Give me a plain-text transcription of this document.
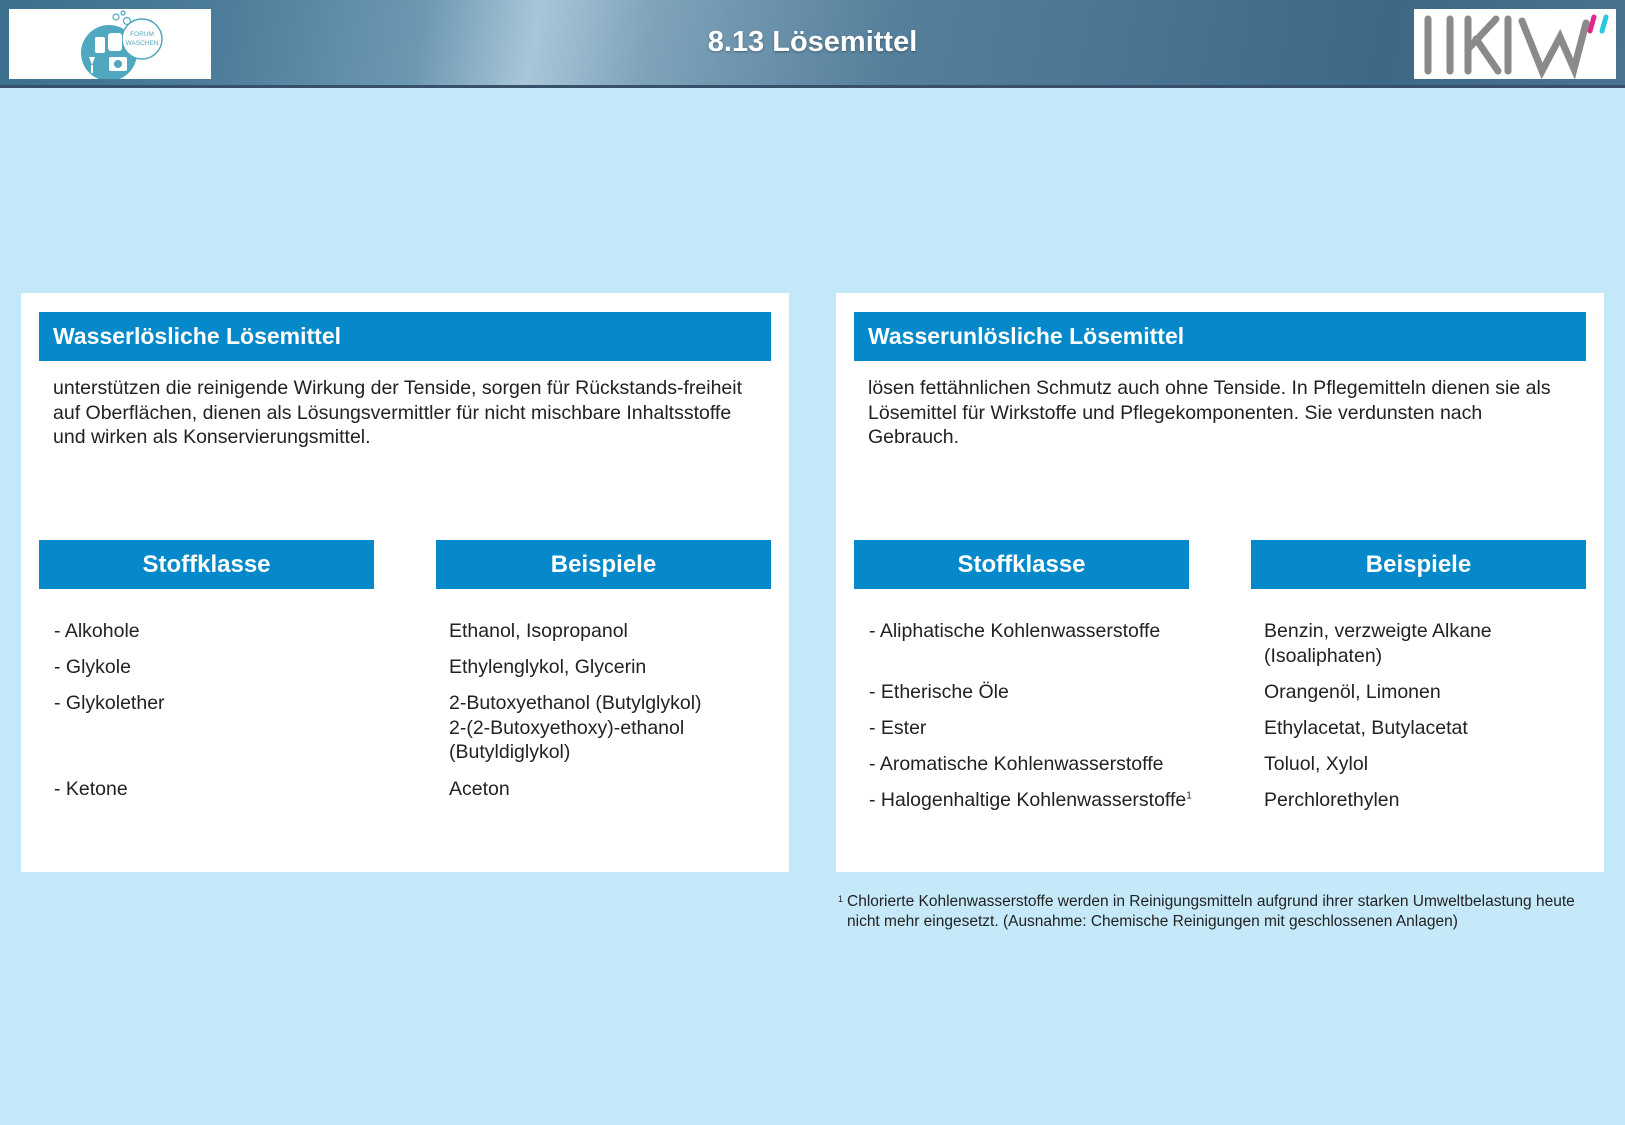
FORUM
WASCHEN	8.13 Lösemittel
Wasserlösliche Lösemittel
unterstützen die reinigende Wirkung der Tenside, sorgen für Rückstands-freiheit auf Oberflächen, dienen als Lösungsvermittler für nicht mischbare Inhaltsstoffe und wirken als Konservierungsmittel.
Stoffklasse	Beispiele
- Alkohole	Ethanol, Isopropanol
- Glykole	Ethylenglykol, Glycerin
- Glykolether	2-Butoxyethanol (Butylglykol)
2-(2-Butoxyethoxy)-ethanol
(Butyldiglykol)
- Ketone	Aceton
Wasserunlösliche Lösemittel
lösen fettähnlichen Schmutz auch ohne Tenside. In Pflegemitteln dienen sie als Lösemittel für Wirkstoffe und Pflegekomponenten. Sie verdunsten nach Gebrauch.
Stoffklasse	Beispiele
- Aliphatische Kohlenwasserstoffe	Benzin, verzweigte Alkane
(Isoaliphaten)
- Etherische Öle	Orangenöl, Limonen
- Ester	Ethylacetat, Butylacetat
- Aromatische Kohlenwasserstoffe	Toluol, Xylol
- Halogenhaltige Kohlenwasserstoffe$^1$	Perchlorethylen
1 Chlorierte Kohlenwasserstoffe werden in Reinigungsmitteln aufgrund ihrer starken Umweltbelastung heute nicht mehr eingesetzt. (Ausnahme: Chemische Reinigungen mit geschlossenen Anlagen)
